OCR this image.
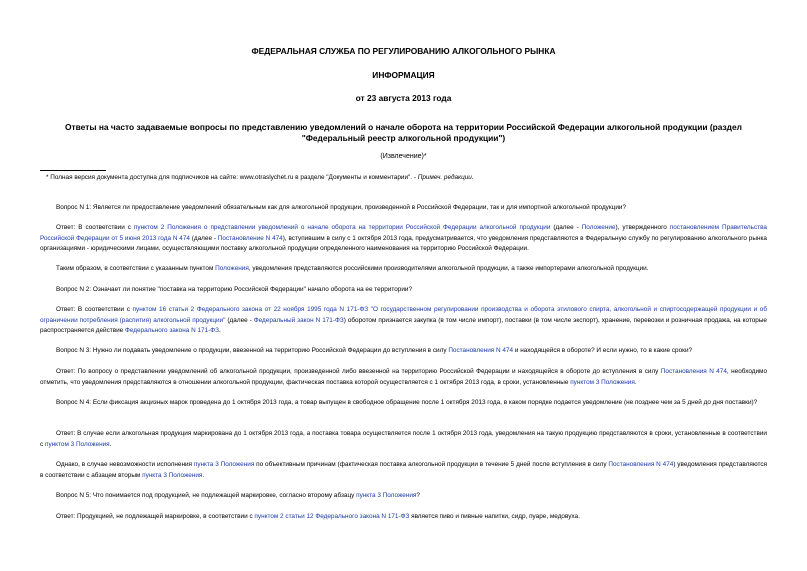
ФЕДЕРАЛЬНАЯ СЛУЖБА ПО РЕГУЛИРОВАНИЮ АЛКОГОЛЬНОГО РЫНКА
ИНФОРМАЦИЯ
от 23 августа 2013 года
Ответы на часто задаваемые вопросы по представлению уведомлений о начале оборота на территории Российской Федерации алкогольной продукции (раздел
"Федеральный реестр алкогольной продукции")
(Извлечение)*
* Полная версия документа доступна для подписчиков на сайте: www.otraslychet.ru в разделе "Документы и комментарии". - Примеч. редакции.
Вопрос N 1: Является ли предоставление уведомлений обязательным как для алкогольной продукции, произведенной в Российской Федерации, так и для импортной алкогольной продукции?
Ответ: В соответствии с пунктом 2 Положения о представлении уведомлений о начале оборота на территории Российской Федерации алкогольной продукции (далее - Положение), утвержденного постановлением Правительства Российской Федерации от 5 июня 2013 года N 474 (далее - Постановление N 474), вступившим в силу с 1 октября 2013 года, предусматривается, что уведомления представляются в Федеральную службу по регулированию алкогольного рынка организациями - юридическими лицами, осуществляющими поставку алкогольной продукции определенного наименования на территорию Российской Федерации.
Таким образом, в соответствии с указанным пунктом Положения, уведомления представляются российскими производителями алкогольной продукции, а также импортерами алкогольной продукции.
Вопрос N 2: Означает ли понятие "поставка на территорию Российской Федерации" начало оборота на ее территории?
Ответ: В соответствии с пунктом 16 статьи 2 Федерального закона от 22 ноября 1995 года N 171-ФЗ "О государственном регулировании производства и оборота этилового спирта, алкогольной и спиртосодержащей продукции и об ограничении потребления (распития) алкогольной продукции" (далее - Федеральный закон N 171-ФЗ) оборотом признается закупка (в том числе импорт), поставки (в том числе экспорт), хранение, перевозки и розничная продажа, на которые распространяется действие Федерального закона N 171-ФЗ.
Вопрос N 3: Нужно ли подавать уведомление о продукции, ввезенной на территорию Российской Федерации до вступления в силу Постановления N 474 и находящейся в обороте? И если нужно, то в какие сроки?
Ответ: По вопросу о представлении уведомлений об алкогольной продукции, произведенной либо ввезенной на территорию Российской Федерации и находящейся в обороте до вступления в силу Постановления N 474, необходимо отметить, что уведомления представляются в отношении алкогольной продукции, фактическая поставка которой осуществляется с 1 октября 2013 года, в сроки, установленные пунктом 3 Положения.
Вопрос N 4: Если фиксация акцизных марок проведена до 1 октября 2013 года, а товар выпущен в свободное обращение после 1 октября 2013 года, в каком порядке подается уведомление (не позднее чем за 5 дней до дня поставки)?
Ответ: В случае если алкогольная продукция маркирована до 1 октября 2013 года, а поставка товара осуществляется после 1 октября 2013 года, уведомления на такую продукцию представляются в сроки, установленные в соответствии с пунктом 3 Положения.
Однако, в случае невозможности исполнения пункта 3 Положения по объективным причинам (фактическая поставка алкогольной продукции в течение 5 дней после вступления в силу Постановления N 474) уведомления представляются в соответствии с абзацем вторым пункта 3 Положения.
Вопрос N 5: Что понимается под продукцией, не подлежащей маркировке, согласно второму абзацу пункта 3 Положения?
Ответ: Продукцией, не подлежащей маркировке, в соответствии с пунктом 2 статьи 12 Федерального закона N 171-ФЗ является пиво и пивные напитки, сидр, пуаре, медовуха.
